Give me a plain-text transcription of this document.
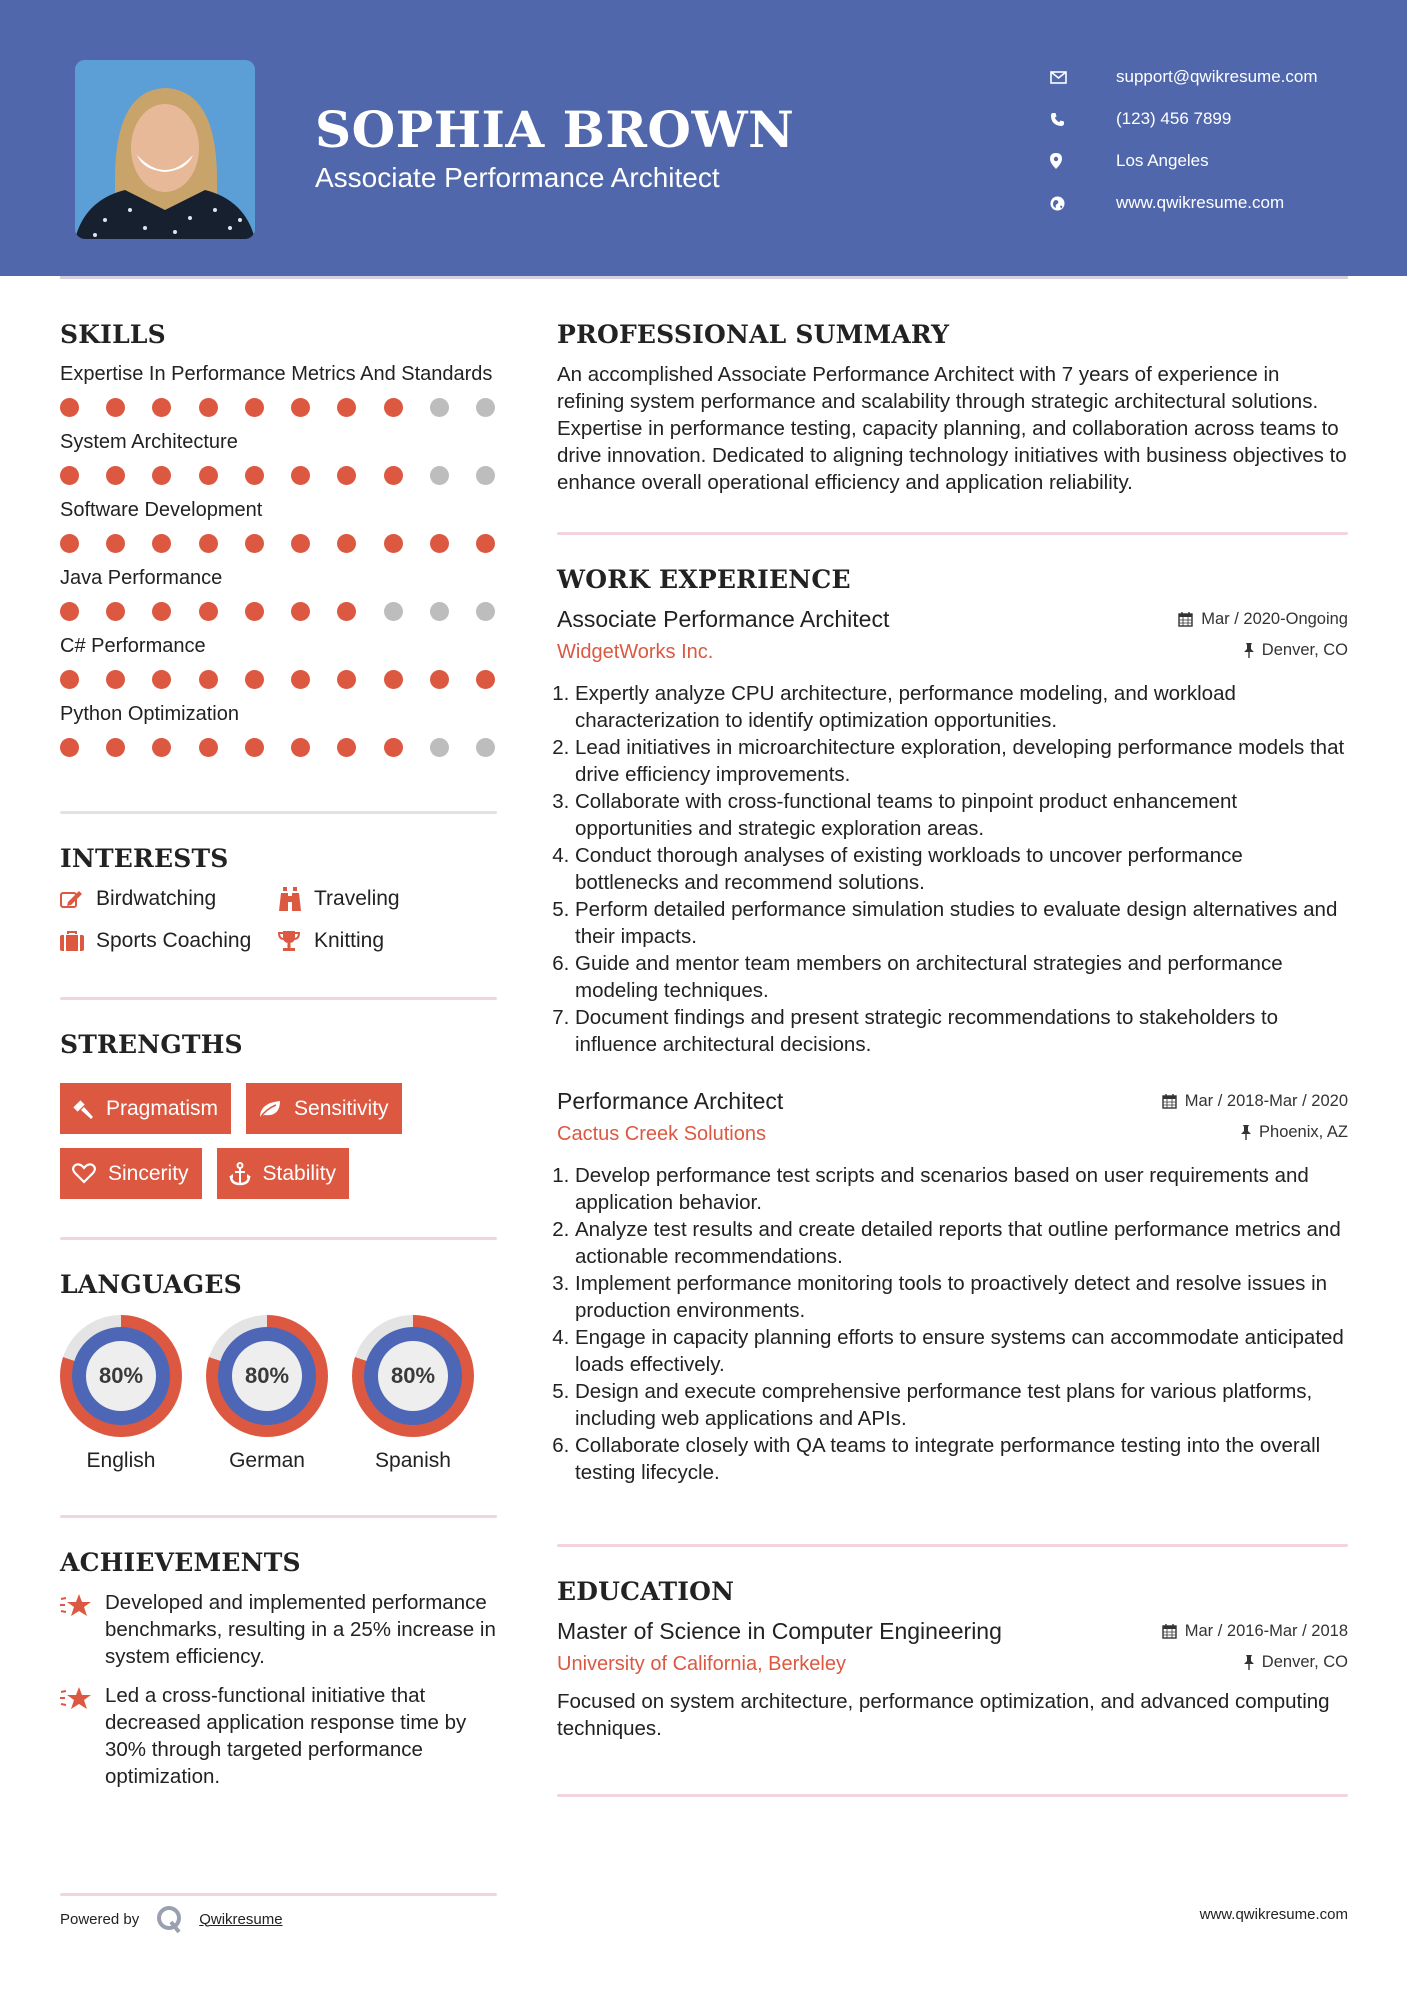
SOPHIA BROWN
Associate Performance Architect
support@qwikresume.com
(123) 456 7899
Los Angeles
www.qwikresume.com
SKILLS
Expertise In Performance Metrics And Standards
System Architecture
Software Development
Java Performance
C# Performance
Python Optimization
INTERESTS
Birdwatching	Traveling
Sports Coaching	Knitting
STRENGTHS
Pragmatism	Sensitivity
Sincerity	Stability
LANGUAGES
80%
English
80%
German
80%
Spanish
ACHIEVEMENTS
Developed and implemented performance benchmarks, resulting in a 25% increase in system efficiency.
Led a cross-functional initiative that decreased application response time by 30% through targeted performance optimization.
PROFESSIONAL SUMMARY

An accomplished Associate Performance Architect with 7 years of experience in refining system performance and scalability through strategic architectural solutions. Expertise in performance testing, capacity planning, and collaboration across teams to drive innovation. Dedicated to aligning technology initiatives with business objectives to enhance overall operational efficiency and application reliability.

WORK EXPERIENCE
Associate Performance Architect	Mar / 2020-Ongoing
WidgetWorks Inc.	Denver, CO
1. Expertly analyze CPU architecture, performance modeling, and workload characterization to identify optimization opportunities.
2. Lead initiatives in microarchitecture exploration, developing performance models that drive efficiency improvements.
3. Collaborate with cross-functional teams to pinpoint product enhancement opportunities and strategic exploration areas.
4. Conduct thorough analyses of existing workloads to uncover performance bottlenecks and recommend solutions.
5. Perform detailed performance simulation studies to evaluate design alternatives and their impacts.
6. Guide and mentor team members on architectural strategies and performance modeling techniques.
7. Document findings and present strategic recommendations to stakeholders to influence architectural decisions.
Performance Architect	Mar / 2018-Mar / 2020
Cactus Creek Solutions	Phoenix, AZ
1. Develop performance test scripts and scenarios based on user requirements and application behavior.
2. Analyze test results and create detailed reports that outline performance metrics and actionable recommendations.
3. Implement performance monitoring tools to proactively detect and resolve issues in production environments.
4. Engage in capacity planning efforts to ensure systems can accommodate anticipated loads effectively.
5. Design and execute comprehensive performance test plans for various platforms, including web applications and APIs.
6. Collaborate closely with QA teams to integrate performance testing into the overall testing lifecycle.
EDUCATION
Master of Science in Computer Engineering	Mar / 2016-Mar / 2018
University of California, Berkeley	Denver, CO

Focused on system architecture, performance optimization, and advanced computing techniques.

Powered by	Qwikresume	www.qwikresume.com
